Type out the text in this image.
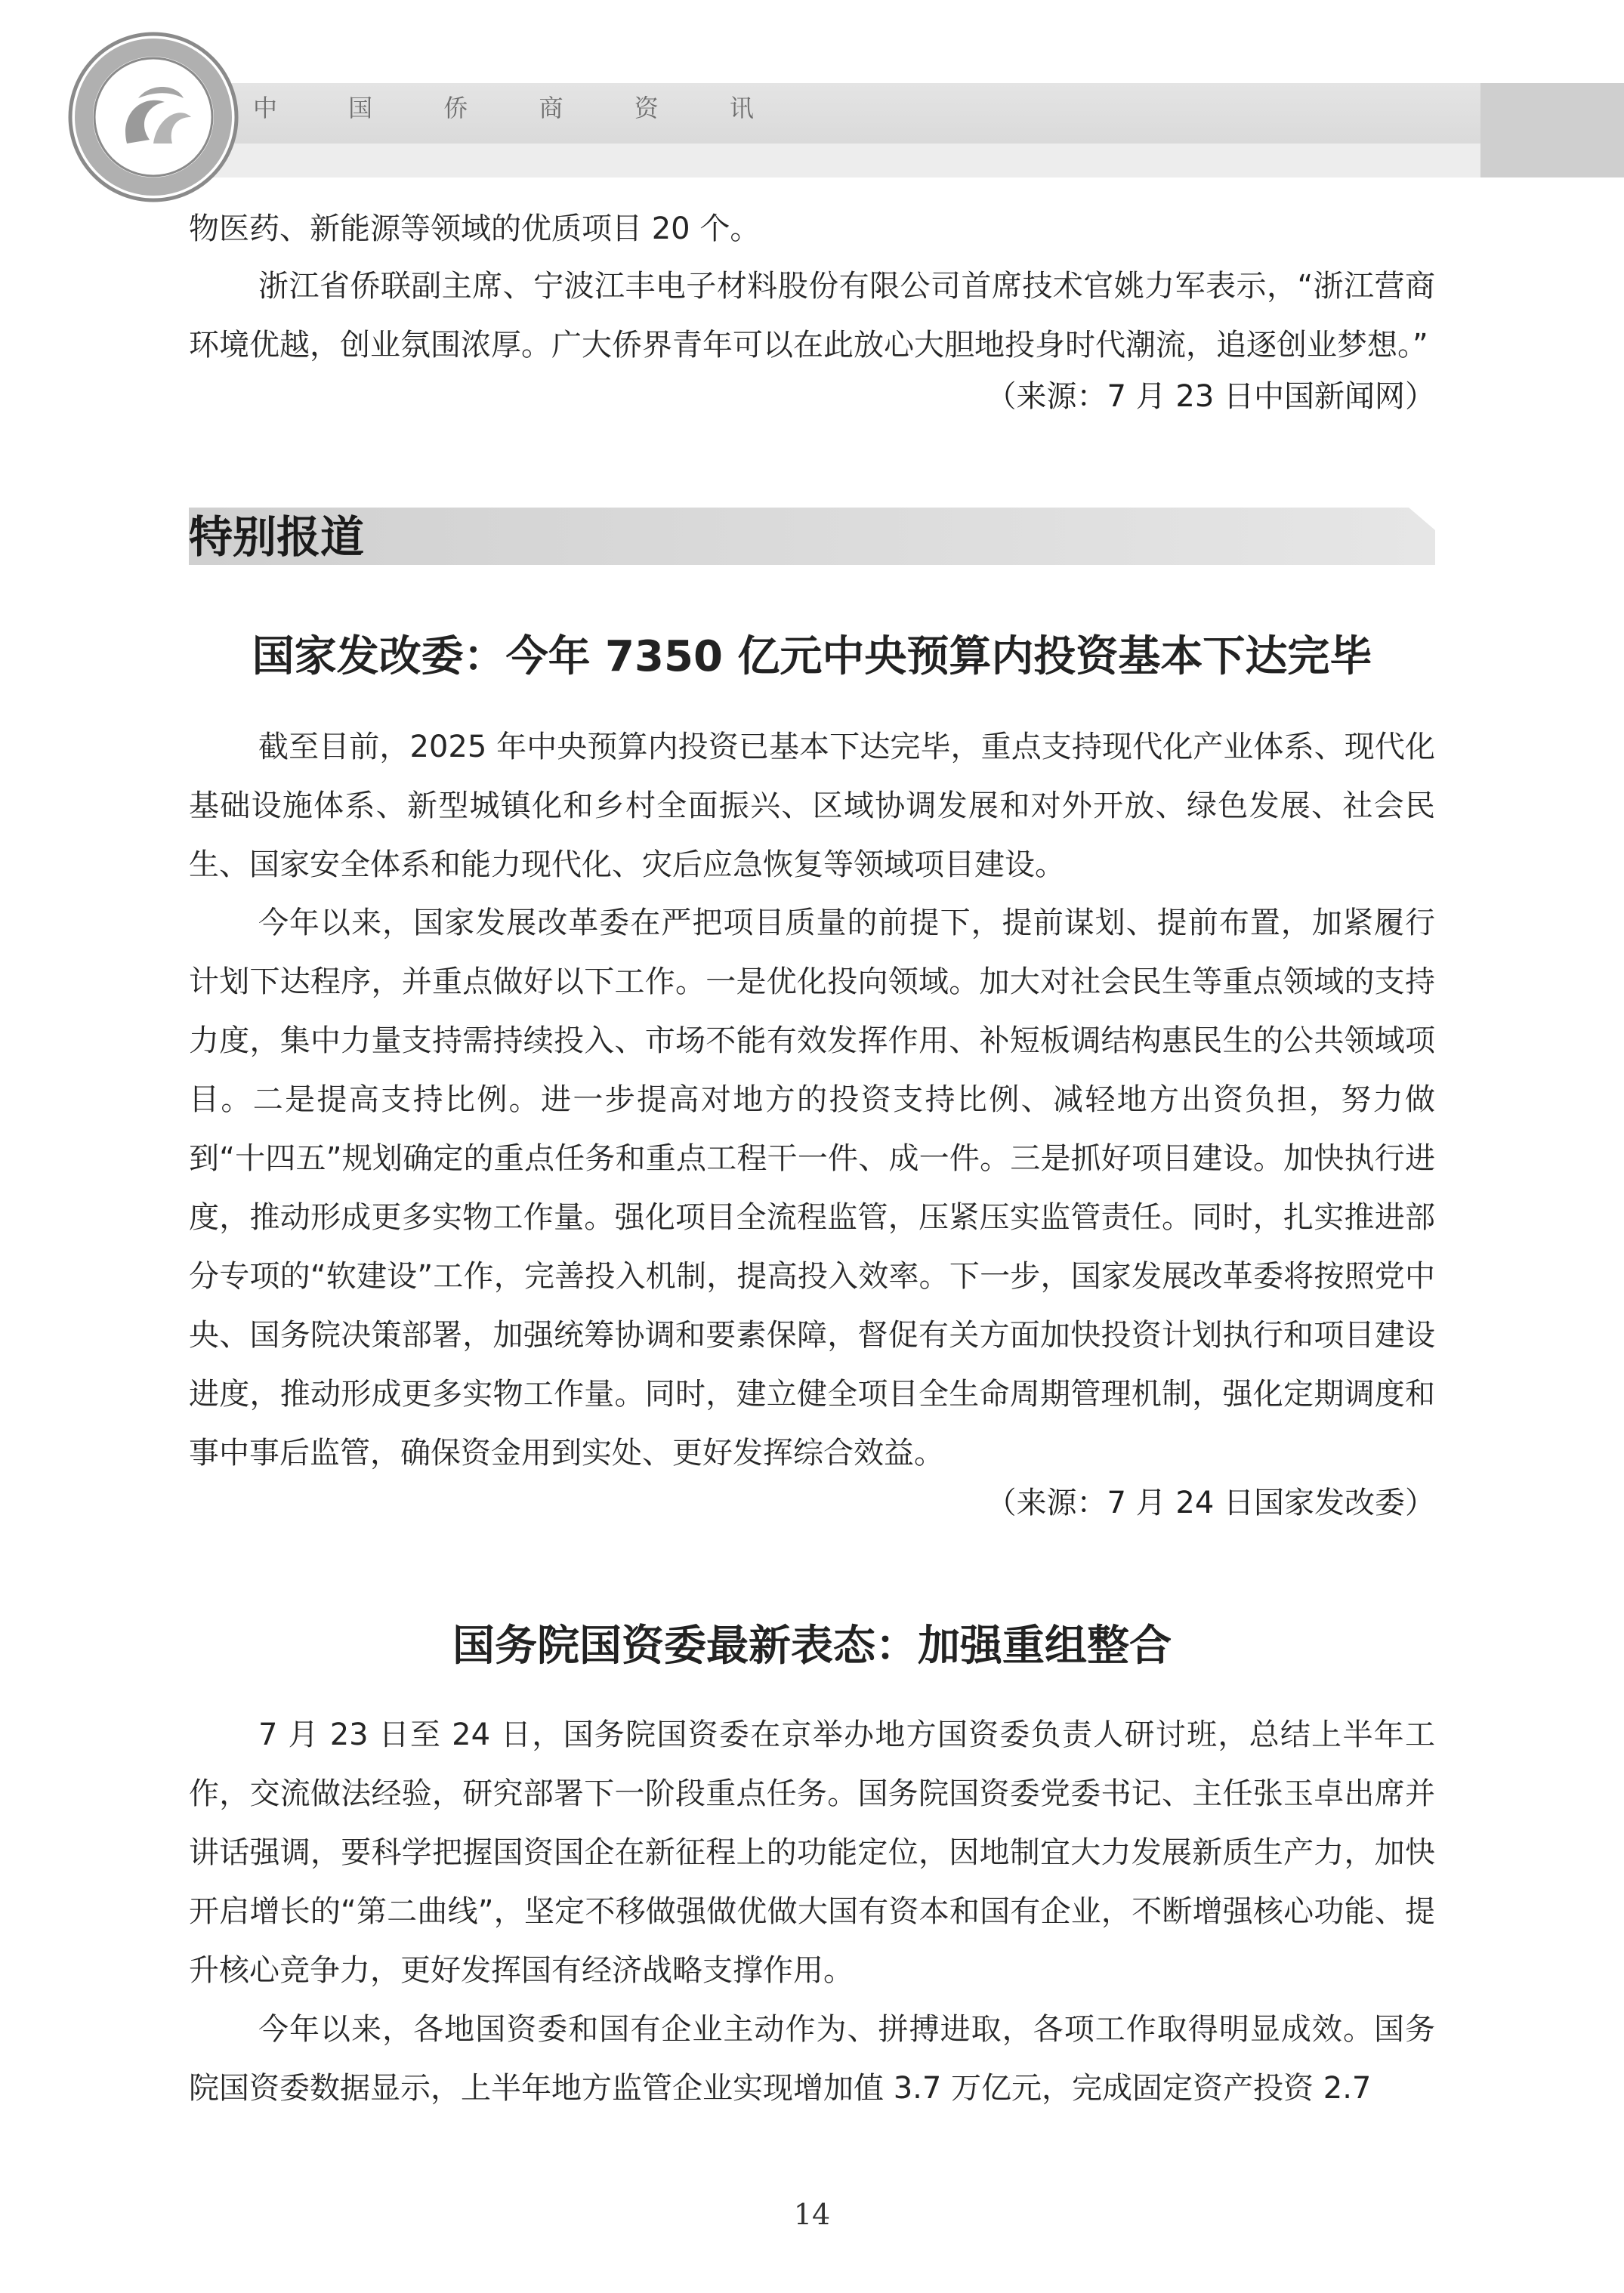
中 国 侨 商 资 讯

物医药、新能源等领域的优质项目 20 个。

浙江省侨联副主席、宁波江丰电子材料股份有限公司首席技术官姚力军表示，“浙江营商环境优越，创业氛围浓厚。广大侨界青年可以在此放心大胆地投身时代潮流，追逐创业梦想。”

（来源：7 月 23 日中国新闻网）
特别报道
国家发改委：今年 7350 亿元中央预算内投资基本下达完毕

截至目前，2025 年中央预算内投资已基本下达完毕，重点支持现代化产业体系、现代化基础设施体系、新型城镇化和乡村全面振兴、区域协调发展和对外开放、绿色发展、社会民生、国家安全体系和能力现代化、灾后应急恢复等领域项目建设。

今年以来，国家发展改革委在严把项目质量的前提下，提前谋划、提前布置，加紧履行计划下达程序，并重点做好以下工作。一是优化投向领域。加大对社会民生等重点领域的支持力度，集中力量支持需持续投入、市场不能有效发挥作用、补短板调结构惠民生的公共领域项目。二是提高支持比例。进一步提高对地方的投资支持比例、减轻地方出资负担，努力做到“十四五”规划确定的重点任务和重点工程干一件、成一件。三是抓好项目建设。加快执行进度，推动形成更多实物工作量。强化项目全流程监管，压紧压实监管责任。同时，扎实推进部分专项的“软建设”工作，完善投入机制，提高投入效率。下一步，国家发展改革委将按照党中央、国务院决策部署，加强统筹协调和要素保障，督促有关方面加快投资计划执行和项目建设进度，推动形成更多实物工作量。同时，建立健全项目全生命周期管理机制，强化定期调度和事中事后监管，确保资金用到实处、更好发挥综合效益。

（来源：7 月 24 日国家发改委）
国务院国资委最新表态：加强重组整合

7 月 23 日至 24 日，国务院国资委在京举办地方国资委负责人研讨班，总结上半年工作，交流做法经验，研究部署下一阶段重点任务。国务院国资委党委书记、主任张玉卓出席并讲话强调，要科学把握国资国企在新征程上的功能定位，因地制宜大力发展新质生产力，加快开启增长的“第二曲线”，坚定不移做强做优做大国有资本和国有企业，不断增强核心功能、提升核心竞争力，更好发挥国有经济战略支撑作用。

今年以来，各地国资委和国有企业主动作为、拼搏进取，各项工作取得明显成效。国务院国资委数据显示，上半年地方监管企业实现增加值 3.7 万亿元，完成固定资产投资 2.7

14
